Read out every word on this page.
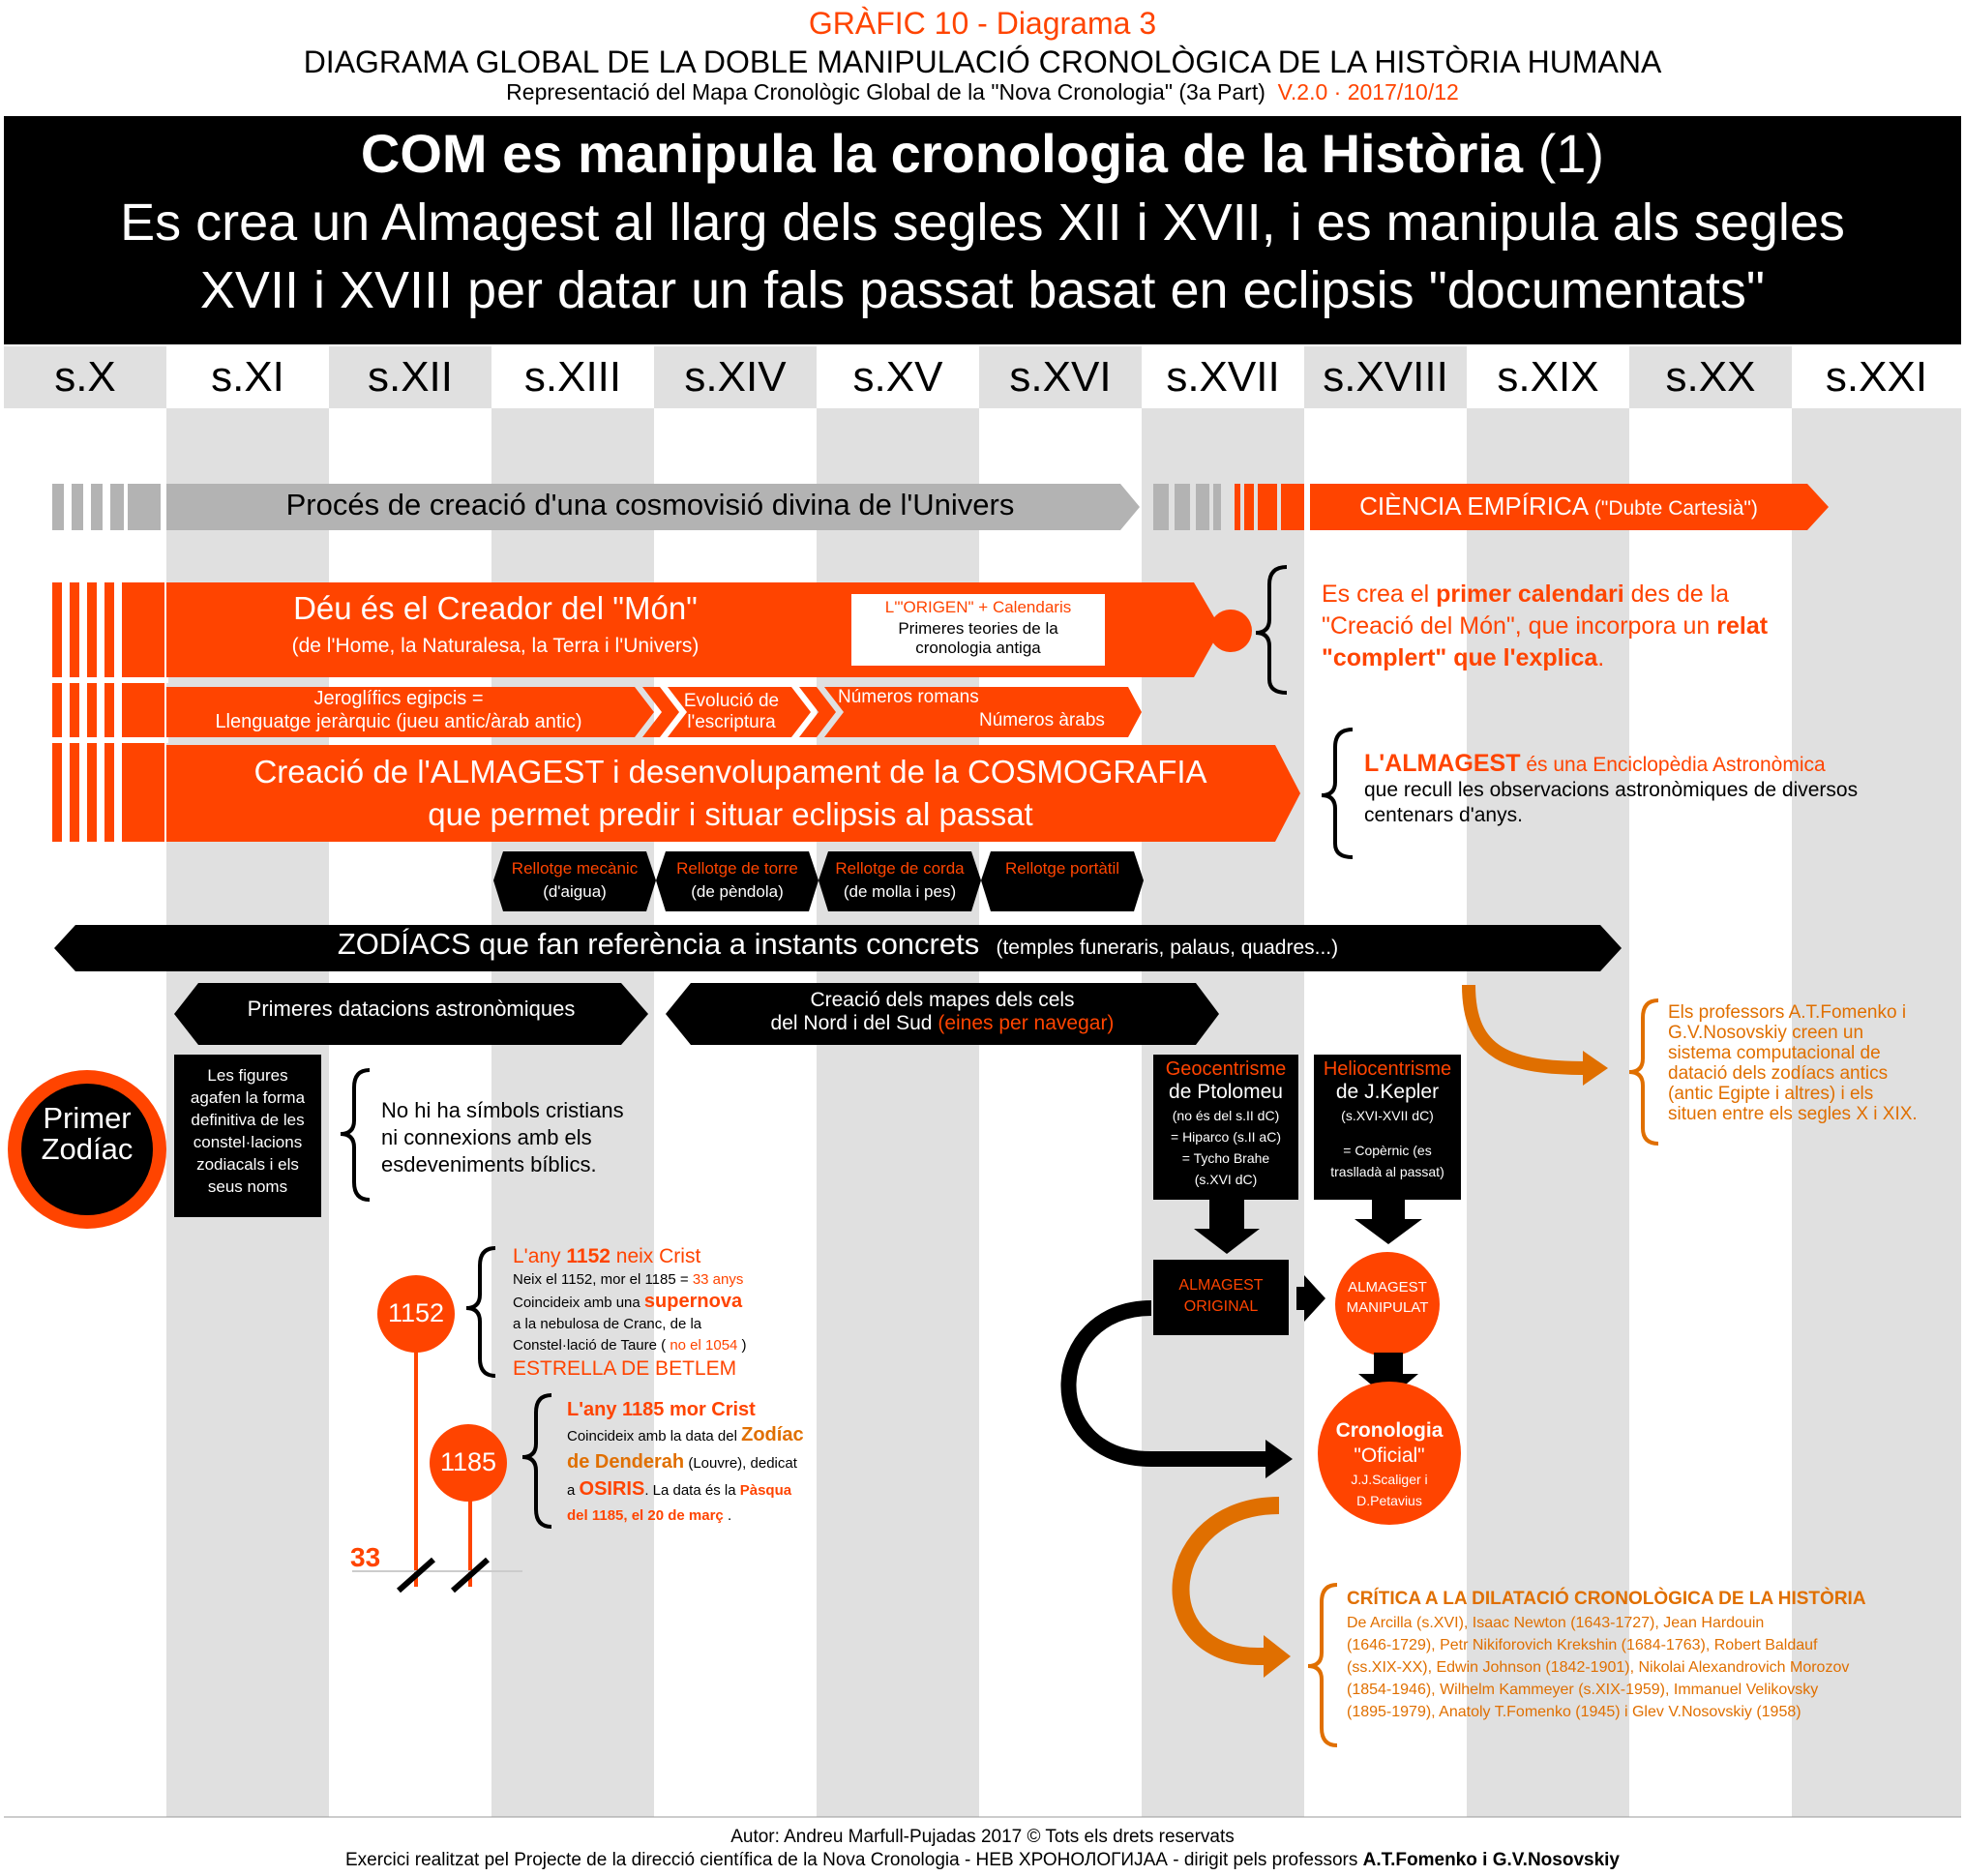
GRÀFIC 10 - Diagrama 3
DIAGRAMA GLOBAL DE LA DOBLE MANIPULACIÓ CRONOLÒGICA DE LA HISTÒRIA HUMANA
Representació del Mapa Cronològic Global de la "Nova Cronologia" (3a Part) V.2.0 · 2017/10/12
COM es manipula la cronologia de la Història (1)
Es crea un Almagest al llarg dels segles XII i XVII, i es manipula als segles
XVII i XVIII per datar un fals passat basat en eclipsis "documentats"
s.X	s.XI	s.XII	s.XIII	s.XIV	s.XV	s.XVI	s.XVII	s.XVIII	s.XIX	s.XX	s.XXI
Procés de creació d'una cosmovisió divina de l'Univers	CIÈNCIA EMPÍRICA ("Dubte Cartesià")
Déu és el Creador del "Món"
(de l'Home, la Naturalesa, la Terra i l'Univers)
L'"ORIGEN" + Calendaris
Primeres teories de la
cronologia antiga
Es crea el primer calendari des de la
"Creació del Món", que incorpora un relat
"complert" que l'explica.
Jeroglífics egipcis =
Llenguatge jeràrquic (jueu antic/àrab antic)
Evolució de
l'escriptura
Números romans
Números àrabs
Creació de l'ALMAGEST i desenvolupament de la COSMOGRAFIA
que permet predir i situar eclipsis al passat
L'ALMAGEST és una Enciclopèdia Astronòmica
que recull les observacions astronòmiques de diversos
centenars d'anys.
Rellotge mecànic
(d'aigua)
Rellotge de torre
(de pèndola)
Rellotge de corda
(de molla i pes)
Rellotge portàtil
ZODÍACS que fan referència a instants concrets (temples funeraris, palaus, quadres...)
Primeres datacions astronòmiques	Creació dels mapes dels cels
del Nord i del Sud (eines per navegar)	Els professors A.T.Fomenko i
G.V.Nosovskiy creen un
sistema computacional de
datació dels zodíacs antics
(antic Egipte i altres) i els
situen entre els segles X i XIX.
Primer
Zodíac
Les figures
agafen la forma
definitiva de les
constel·lacions
zodiacals i els
seus noms
No hi ha símbols cristians
ni connexions amb els
esdeveniments bíblics.
Geocentrisme
de Ptolomeu
(no és del s.II dC)
= Hiparco (s.II aC)
= Tycho Brahe
(s.XVI dC)
Heliocentrisme
de J.Kepler
(s.XVI-XVII dC)
= Copèrnic (es
traslladà al passat)
ALMAGEST
ORIGINAL
ALMAGEST
MANIPULAT
Cronologia
"Oficial"
J.J.Scaliger i
D.Petavius
1152
L'any 1152 neix Crist
Neix el 1152, mor el 1185 = 33 anys
Coincideix amb una supernova
a la nebulosa de Cranc, de la
Constel·lació de Taure ( no el 1054 )
ESTRELLA DE BETLEM
1185
L'any 1185 mor Crist
Coincideix amb la data del Zodíac
de Denderah (Louvre), dedicat
a OSIRIS. La data és la Pàsqua
del 1185, el 20 de març .
33
CRÍTICA A LA DILATACIÓ CRONOLÒGICA DE LA HISTÒRIA
De Arcilla (s.XVI), Isaac Newton (1643-1727), Jean Hardouin
(1646-1729), Petr Nikiforovich Krekshin (1684-1763), Robert Baldauf
(ss.XIX-XX), Edwin Johnson (1842-1901), Nikolai Alexandrovich Morozov
(1854-1946), Wilhelm Kammeyer (s.XIX-1959), Immanuel Velikovsky
(1895-1979), Anatoly T.Fomenko (1945) i Glev V.Nosovskiy (1958)
Autor: Andreu Marfull-Pujadas 2017 © Tots els drets reservats
Exercici realitzat pel Projecte de la direcció científica de la Nova Cronologia - НЕВ ХРОНОЛОГИЈАА - dirigit pels professors A.T.Fomenko i G.V.Nosovskiy
